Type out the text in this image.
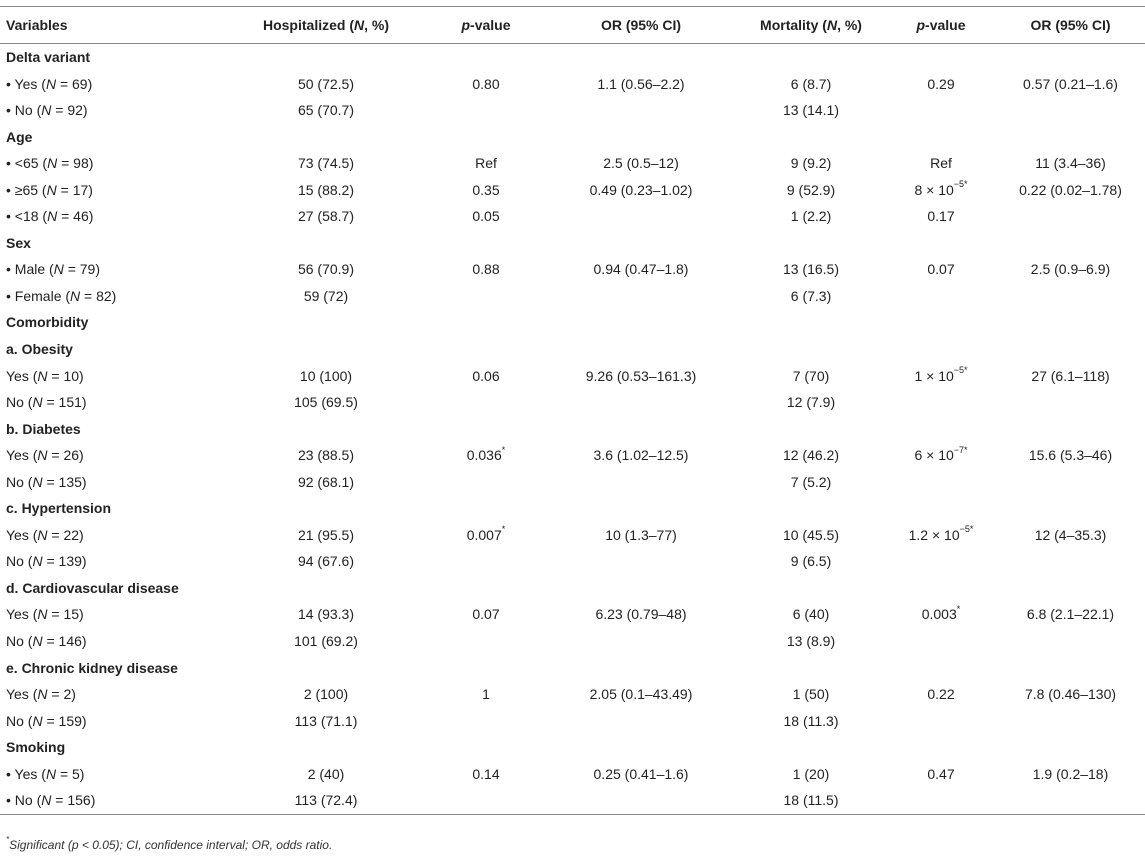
Variables	Hospitalized (N, %)	p-value	OR (95% CI)	Mortality (N, %)	p-value	OR (95% CI)
Delta variant						
• Yes (N = 69)	50 (72.5)	0.80	1.1 (0.56–2.2)	6 (8.7)	0.29	0.57 (0.21–1.6)
• No (N = 92)	65 (70.7)			13 (14.1)		
Age						
• <65 (N = 98)	73 (74.5)	Ref	2.5 (0.5–12)	9 (9.2)	Ref	11 (3.4–36)
• ≥65 (N = 17)	15 (88.2)	0.35	0.49 (0.23–1.02)	9 (52.9)	$8 \times 10^{-5*}$	0.22 (0.02–1.78)
• <18 (N = 46)	27 (58.7)	0.05		1 (2.2)	0.17	
Sex						
• Male (N = 79)	56 (70.9)	0.88	0.94 (0.47–1.8)	13 (16.5)	0.07	2.5 (0.9–6.9)
• Female (N = 82)	59 (72)			6 (7.3)		
Comorbidity						
a. Obesity						
Yes (N = 10)	10 (100)	0.06	9.26 (0.53–161.3)	7 (70)	$1 \times 10^{-5*}$	27 (6.1–118)
No (N = 151)	105 (69.5)			12 (7.9)		
b. Diabetes						
Yes (N = 26)	23 (88.5)	0.036*	3.6 (1.02–12.5)	12 (46.2)	$6 \times 10^{-7*}$	15.6 (5.3–46)
No (N = 135)	92 (68.1)			7 (5.2)		
c. Hypertension						
Yes (N = 22)	21 (95.5)	0.007*	10 (1.3–77)	10 (45.5)	$1.2 \times 10^{-5*}$	12 (4–35.3)
No (N = 139)	94 (67.6)			9 (6.5)		
d. Cardiovascular disease						
Yes (N = 15)	14 (93.3)	0.07	6.23 (0.79–48)	6 (40)	0.003*	6.8 (2.1–22.1)
No (N = 146)	101 (69.2)			13 (8.9)		
e. Chronic kidney disease						
Yes (N = 2)	2 (100)	1	2.05 (0.1–43.49)	1 (50)	0.22	7.8 (0.46–130)
No (N = 159)	113 (71.1)			18 (11.3)		
Smoking						
• Yes (N = 5)	2 (40)	0.14	0.25 (0.41–1.6)	1 (20)	0.47	1.9 (0.2–18)
• No (N = 156)	113 (72.4)			18 (11.5)		
*Significant (p < 0.05); CI, confidence interval; OR, odds ratio.
